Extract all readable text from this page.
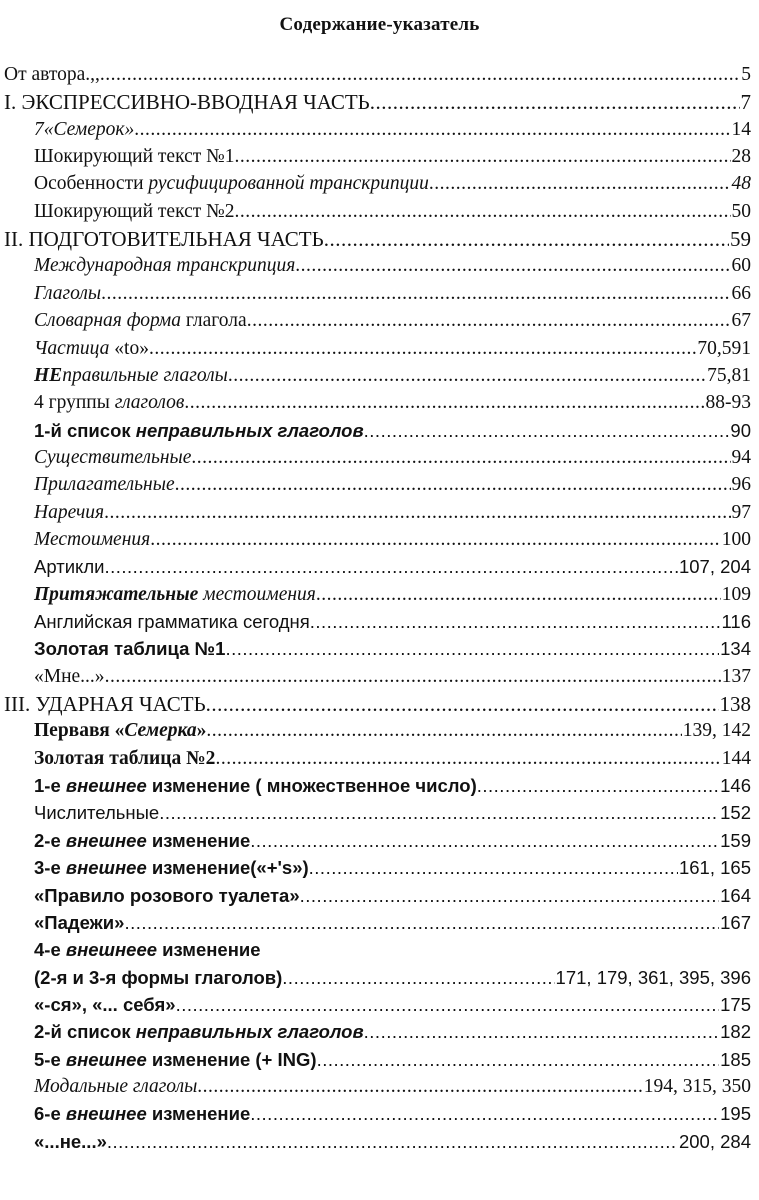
Содержание-указатель
От автора.,, .....	5
I. ЭКСПРЕССИВНО-ВВОДНАЯ ЧАСТЬ .....	7
7«Семерок» .....	14
Шокирующий текст №1 .....	28
Особенности русифицированной транскрипции .....	48
Шокирующий текст №2 .....	50
II. ПОДГОТОВИТЕЛЬНАЯ ЧАСТЬ .....	59
Международная транскрипция .....	60
Глаголы .....	66
Словарная форма глагола .....	67
Частица «to» .....	70,591
НЕправильные глаголы .....	75,81
4 группы глаголов .....	88-93
1-й список неправильных глаголов .....	90
Существительные .....	94
Прилагательные .....	96
Наречия .....	97
Местоимения .....	100
Артикли .....	107, 204
Притяжательные местоимения .....	109
Английская грамматика сегодня .....	116
Золотая таблица №1 .....	134
«Мне...» .....	137
III. УДАРНАЯ ЧАСТЬ .....	138
Первавя «Семерка» .....	139, 142
Золотая таблица №2 .....	144
1-е внешнее изменение ( множественное число) .....	146
Числительные .....	152
2-е внешнее изменение .....	159
3-е внешнее изменение(«+'s») .....	161, 165
«Правило розового туалета» .....	164
«Падежи» .....	167
4-е внешнеее изменение
(2-я и 3-я формы глаголов) .....	171, 179, 361, 395, 396
«-ся», «... себя» .....	175
2-й список неправильных глаголов .....	182
5-е внешнее изменение (+ ING) .....	185
Модальные глаголы .....	194, 315, 350
6-е внешнее изменение .....	195
«...не...» .....	200, 284
